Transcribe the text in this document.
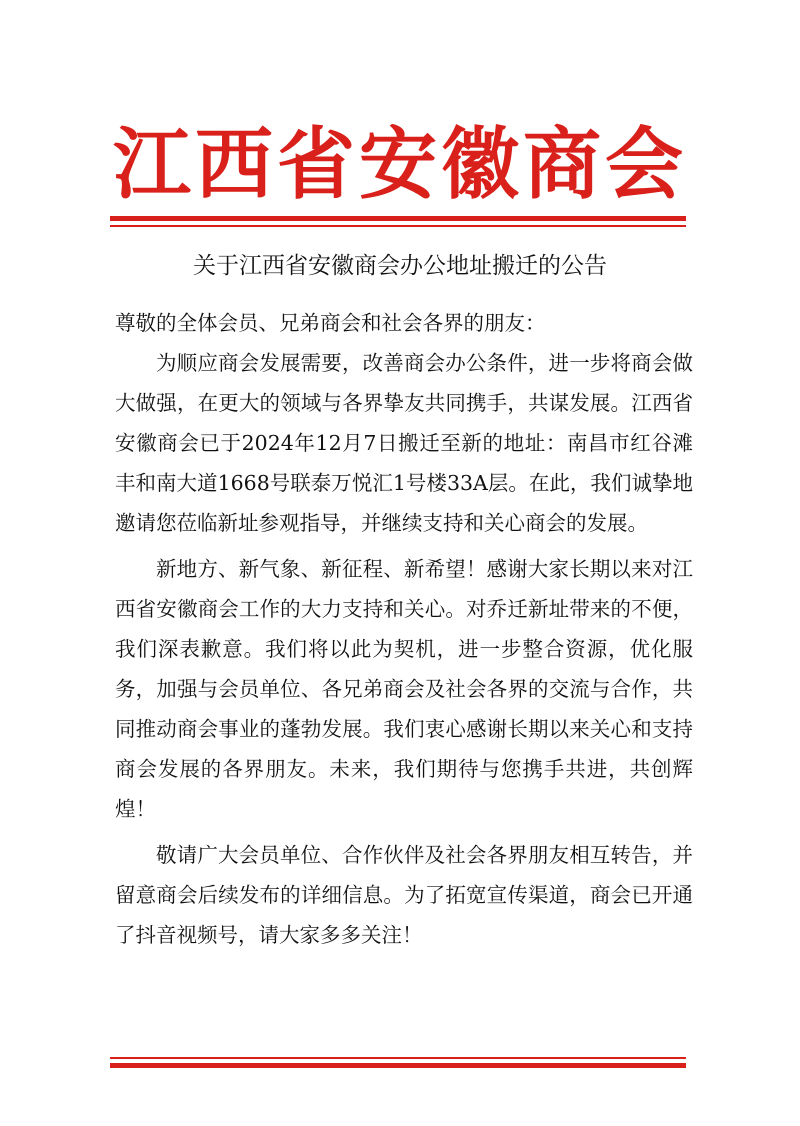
江西省安徽商会
关于江西省安徽商会办公地址搬迁的公告

尊敬的全体会员、兄弟商会和社会各界的朋友：

为顺应商会发展需要，改善商会办公条件，进一步将商会做大做强，在更大的领域与各界挚友共同携手，共谋发展。江西省安徽商会已于2024年12月7日搬迁至新的地址：南昌市红谷滩丰和南大道1668号联泰万悦汇1号楼33A层。在此，我们诚挚地邀请您莅临新址参观指导，并继续支持和关心商会的发展。

新地方、新气象、新征程、新希望！感谢大家长期以来对江西省安徽商会工作的大力支持和关心。对乔迁新址带来的不便，我们深表歉意。我们将以此为契机，进一步整合资源，优化服务，加强与会员单位、各兄弟商会及社会各界的交流与合作，共同推动商会事业的蓬勃发展。我们衷心感谢长期以来关心和支持商会发展的各界朋友。未来，我们期待与您携手共进，共创辉煌！

敬请广大会员单位、合作伙伴及社会各界朋友相互转告，并留意商会后续发布的详细信息。为了拓宽宣传渠道，商会已开通了抖音视频号，请大家多多关注！
